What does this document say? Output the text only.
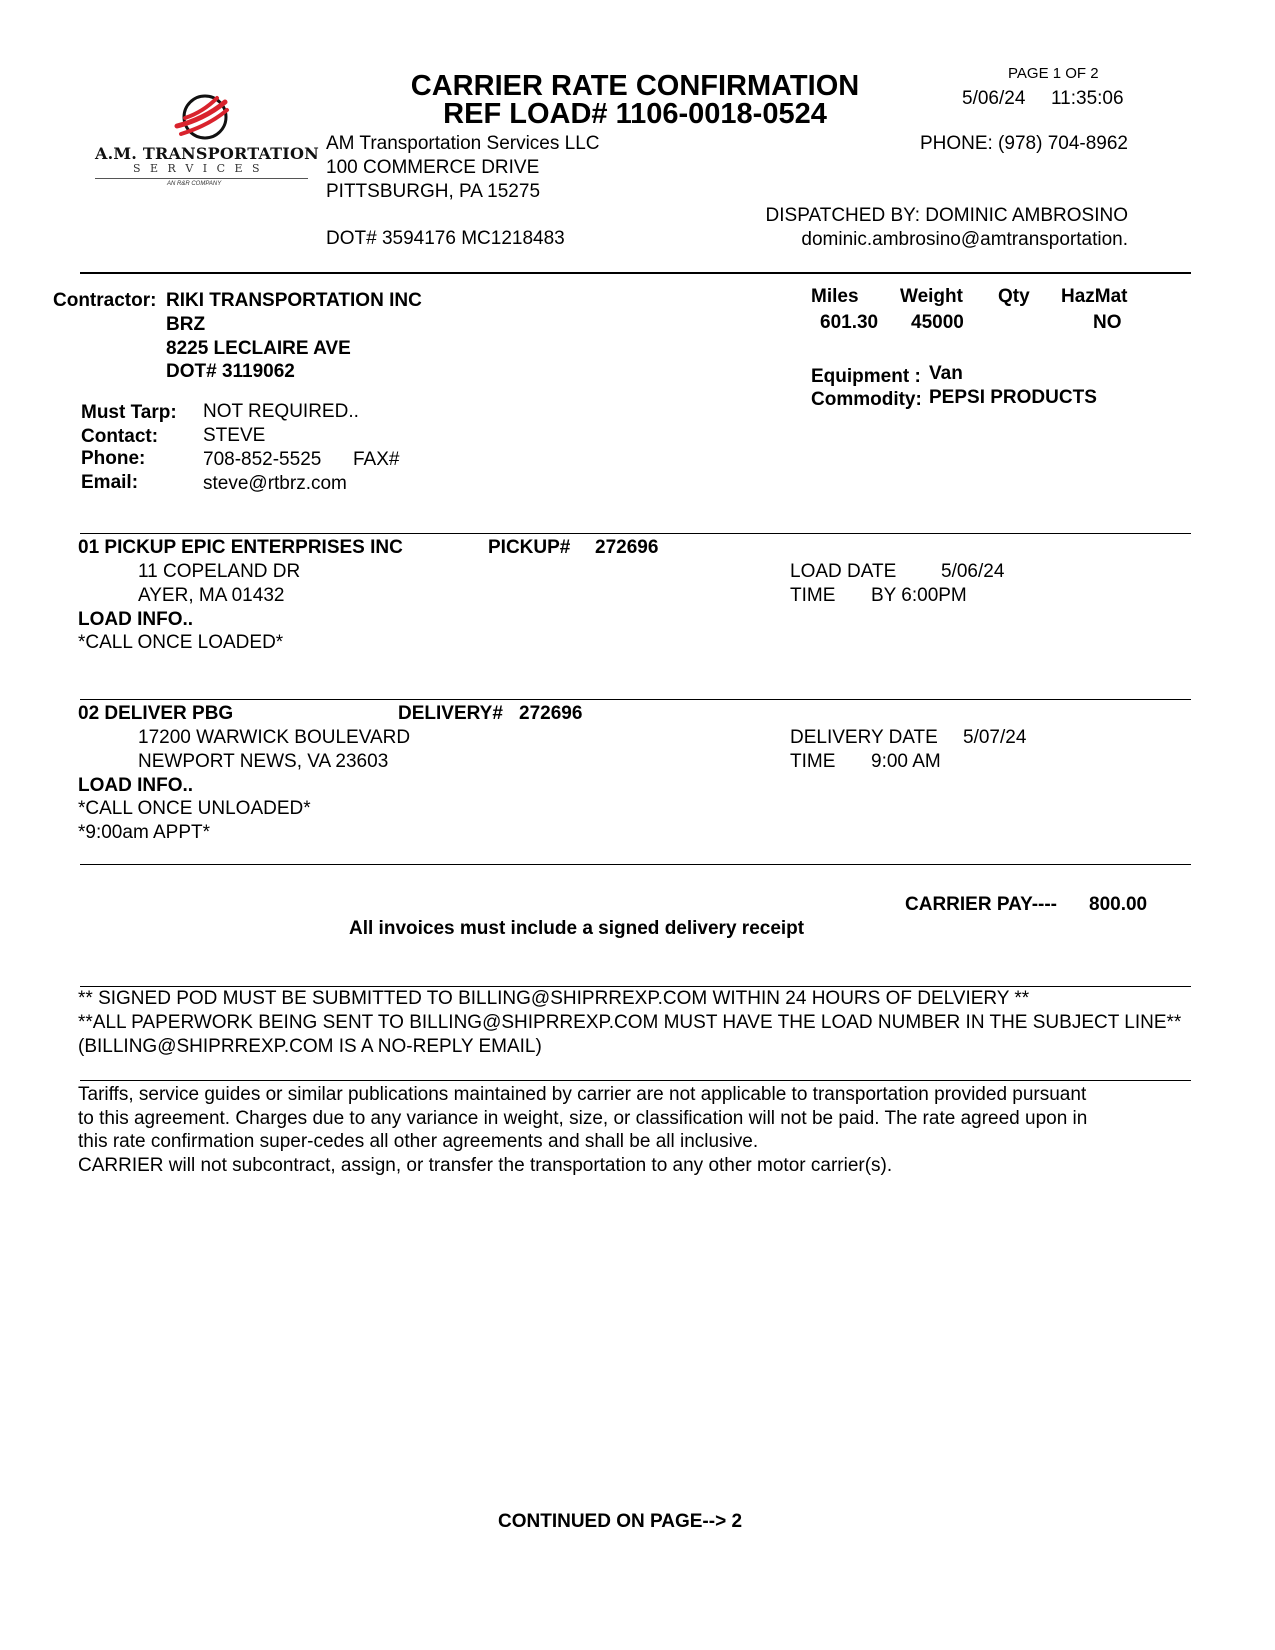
A.M. TRANSPORTATION
S E R V I C E S
AN R&R COMPANY
CARRIER RATE CONFIRMATION
REF LOAD# 1106-0018-0524
PAGE 1 OF 2
5/06/24 11:35:06
AM Transportation Services LLC
100 COMMERCE DRIVE
PITTSBURGH, PA 15275
DOT# 3594176 MC1218483
PHONE: (978) 704-8962
DISPATCHED BY: DOMINIC AMBROSINO
dominic.ambrosino@amtransportation.
Contractor: RIKI TRANSPORTATION INC
BRZ
8225 LECLAIRE AVE
DOT# 3119062
Must Tarp: NOT REQUIRED..
Contact: STEVE
Phone:	708-852-5525 FAX#
Email:	steve@rtbrz.com
Miles Weight Qty HazMat
601.30 45000	NO
Equipment : Van
Commodity: PEPSI PRODUCTS
01 PICKUP EPIC ENTERPRISES INC	PICKUP# 272696
11 COPELAND DR
AYER, MA 01432
LOAD INFO..
*CALL ONCE LOADED*
LOAD DATE 5/06/24
TIME BY 6:00PM
02 DELIVER PBG	DELIVERY# 272696
17200 WARWICK BOULEVARD
NEWPORT NEWS, VA 23603
LOAD INFO..
*CALL ONCE UNLOADED*
*9:00am APPT*
DELIVERY DATE 5/07/24
TIME 9:00 AM
CARRIER PAY---- 800.00
All invoices must include a signed delivery receipt
** SIGNED POD MUST BE SUBMITTED TO BILLING@SHIPRREXP.COM WITHIN 24 HOURS OF DELVIERY **
**ALL PAPERWORK BEING SENT TO BILLING@SHIPRREXP.COM MUST HAVE THE LOAD NUMBER IN THE SUBJECT LINE**
(BILLING@SHIPRREXP.COM IS A NO-REPLY EMAIL)
Tariffs, service guides or similar publications maintained by carrier are not applicable to transportation provided pursuant
to this agreement. Charges due to any variance in weight, size, or classification will not be paid. The rate agreed upon in
this rate confirmation super-cedes all other agreements and shall be all inclusive.
CARRIER will not subcontract, assign, or transfer the transportation to any other motor carrier(s).
CONTINUED ON PAGE--> 2
